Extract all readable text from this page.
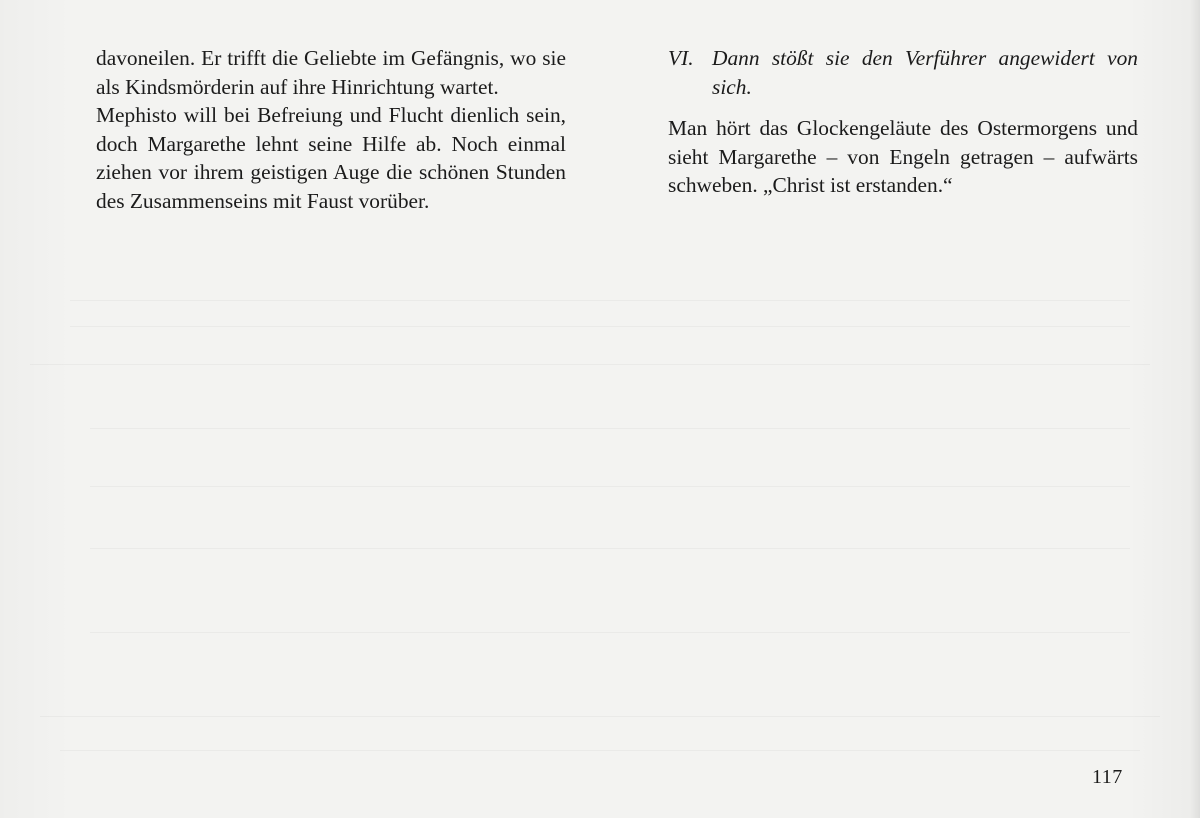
davoneilen. Er trifft die Geliebte im Gefängnis, wo sie als Kindsmörderin auf ihre Hinrichtung wartet.

Mephisto will bei Befreiung und Flucht dienlich sein, doch Margarethe lehnt seine Hilfe ab. Noch einmal ziehen vor ihrem geistigen Auge die schönen Stunden des Zusammenseins mit Faust vorüber.

VI. Dann stößt sie den Verführer angewidert von sich.

Man hört das Glockengeläute des Ostermorgens und sieht Margarethe – von Engeln getragen – aufwärts schweben. „Christ ist erstanden.“

117
